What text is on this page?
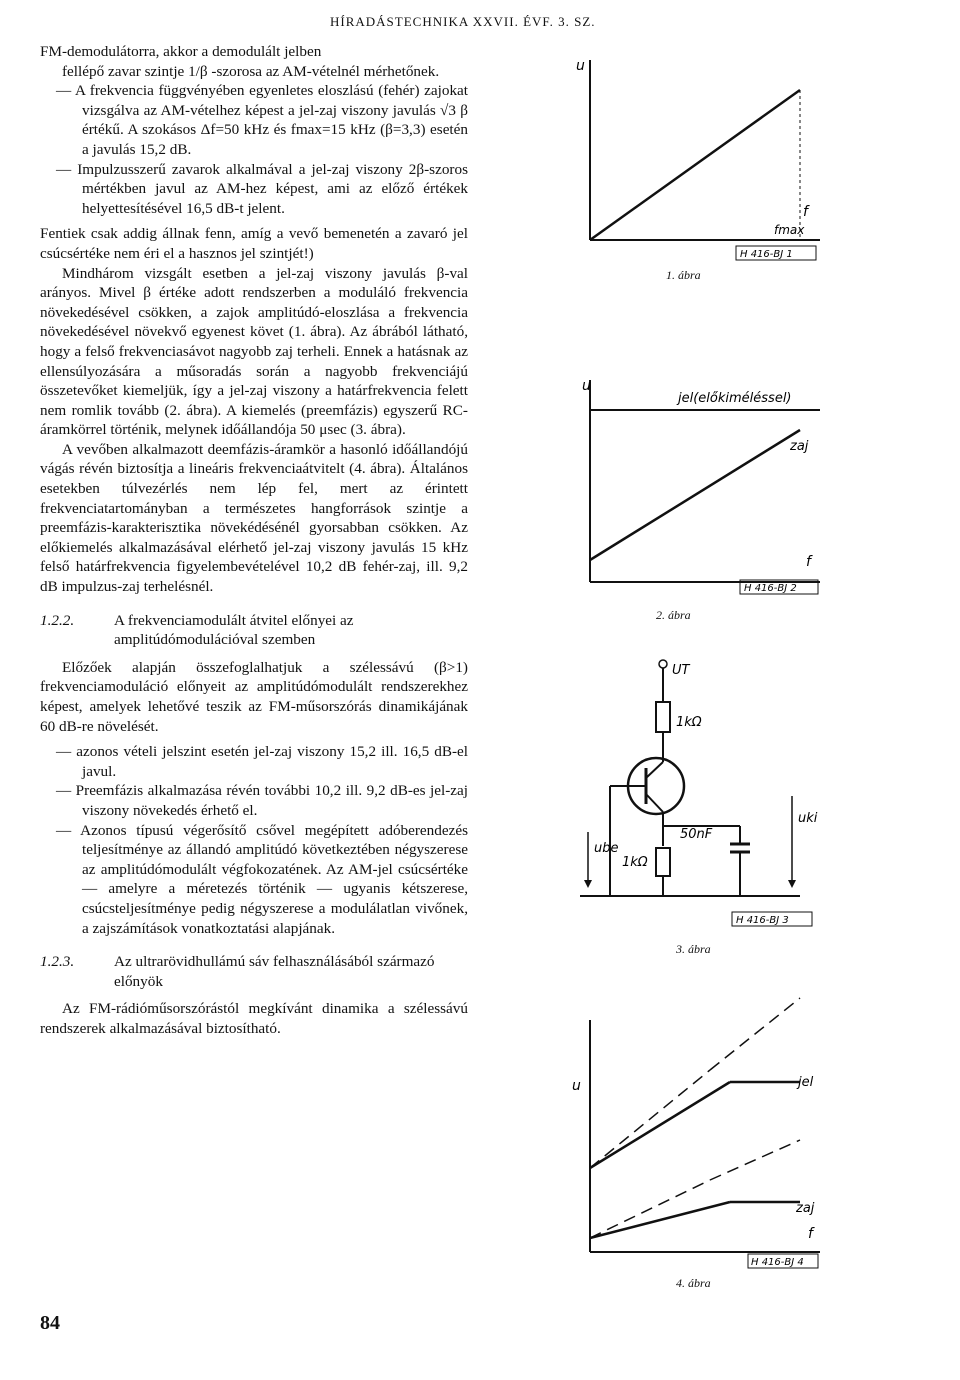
HÍRADÁSTECHNIKA XXVII. ÉVF. 3. SZ.

FM-demodulátorra, akkor a demodulált jelben

fellépő zavar szintje 1/β -szorosa az AM-vételnél mérhetőnek.

— A frekvencia függvényében egyenletes eloszlású (fehér) zajokat vizsgálva az AM-vételhez képest a jel-zaj viszony javulás √3 β értékű. A szokásos Δf=50 kHz és fmax=15 kHz (β=3,3) esetén a javulás 15,2 dB.

— Impulzusszerű zavarok alkalmával a jel-zaj viszony 2β-szoros mértékben javul az AM-hez képest, ami az előző értékek helyettesítésével 16,5 dB-t jelent.

Fentiek csak addig állnak fenn, amíg a vevő bemenetén a zavaró jel csúcsértéke nem éri el a hasznos jel szintjét!)

Mindhárom vizsgált esetben a jel-zaj viszony javulás β-val arányos. Mivel β értéke adott rendszerben a moduláló frekvencia növekedésével csökken, a zajok amplitúdó-eloszlása a frekvencia növekedésével növekvő egyenest követ (1. ábra). Az ábrából látható, hogy a felső frekvenciasávot nagyobb zaj terheli. Ennek a hatásnak az ellensúlyozására a műsoradás során a nagyobb frekvenciájú összetevőket kiemeljük, így a jel-zaj viszony a határfrekvencia felett nem romlik tovább (2. ábra). A kiemelés (preemfázis) egyszerű RC-áramkörrel történik, melynek időállandója 50 μsec (3. ábra).

A vevőben alkalmazott deemfázis-áramkör a hasonló időállandójú vágás révén biztosítja a lineáris frekvenciaátvitelt (4. ábra). Általános esetekben túlvezérlés nem lép fel, mert az érintett frekvenciatartományban a természetes hangforrások szintje a preemfázis-karakterisztika növekédésénél gyorsabban csökken. Az előkiemelés alkalmazásával elérhető jel-zaj viszony javulás 15 kHz felső határfrekvencia figyelembevételével 10,2 dB fehér-zaj, ill. 9,2 dB impulzus-zaj terhelésnél.

1.2.2.	A frekvenciamodulált átvitel előnyei az amplitúdómodulációval szemben

Előzőek alapján összefoglalhatjuk a szélessávú (β>1) frekvenciamoduláció előnyeit az amplitúdómodulált rendszerekhez képest, amelyek lehetővé teszik az FM-műsorszórás dinamikájának 60 dB-re növelését.

— azonos vételi jelszint esetén jel-zaj viszony 15,2 ill. 16,5 dB-el javul.

— Preemfázis alkalmazása révén további 10,2 ill. 9,2 dB-es jel-zaj viszony növekedés érhető el.

— Azonos típusú végerősítő csővel megépített adóberendezés teljesítménye az állandó amplitúdó következtében négyszerese az amplitúdómodulált végfokozatének. Az AM-jel csúcsértéke — amelyre a méretezés történik — ugyanis kétszerese, csúcsteljesítménye pedig négyszerese a modulálatlan vivőnek, a zajszámítások vonatkoztatási alapjának.

1.2.3.	Az ultrarövidhullámú sáv felhasználásából származó előnyök

Az FM-rádióműsorszórástól megkívánt dinamika a szélessávú rendszerek alkalmazásával biztosítható.

84
u
f
fmax
H 416-BJ 1
1. ábra
u
jel(előkiméléssel)
zaj
f
H 416-BJ 2
2. ábra
UT
1kΩ
50nF
1kΩ
ube
uki
H 416-BJ 3
3. ábra
u	jel
zaj
f
H 416-BJ 4
4. ábra
